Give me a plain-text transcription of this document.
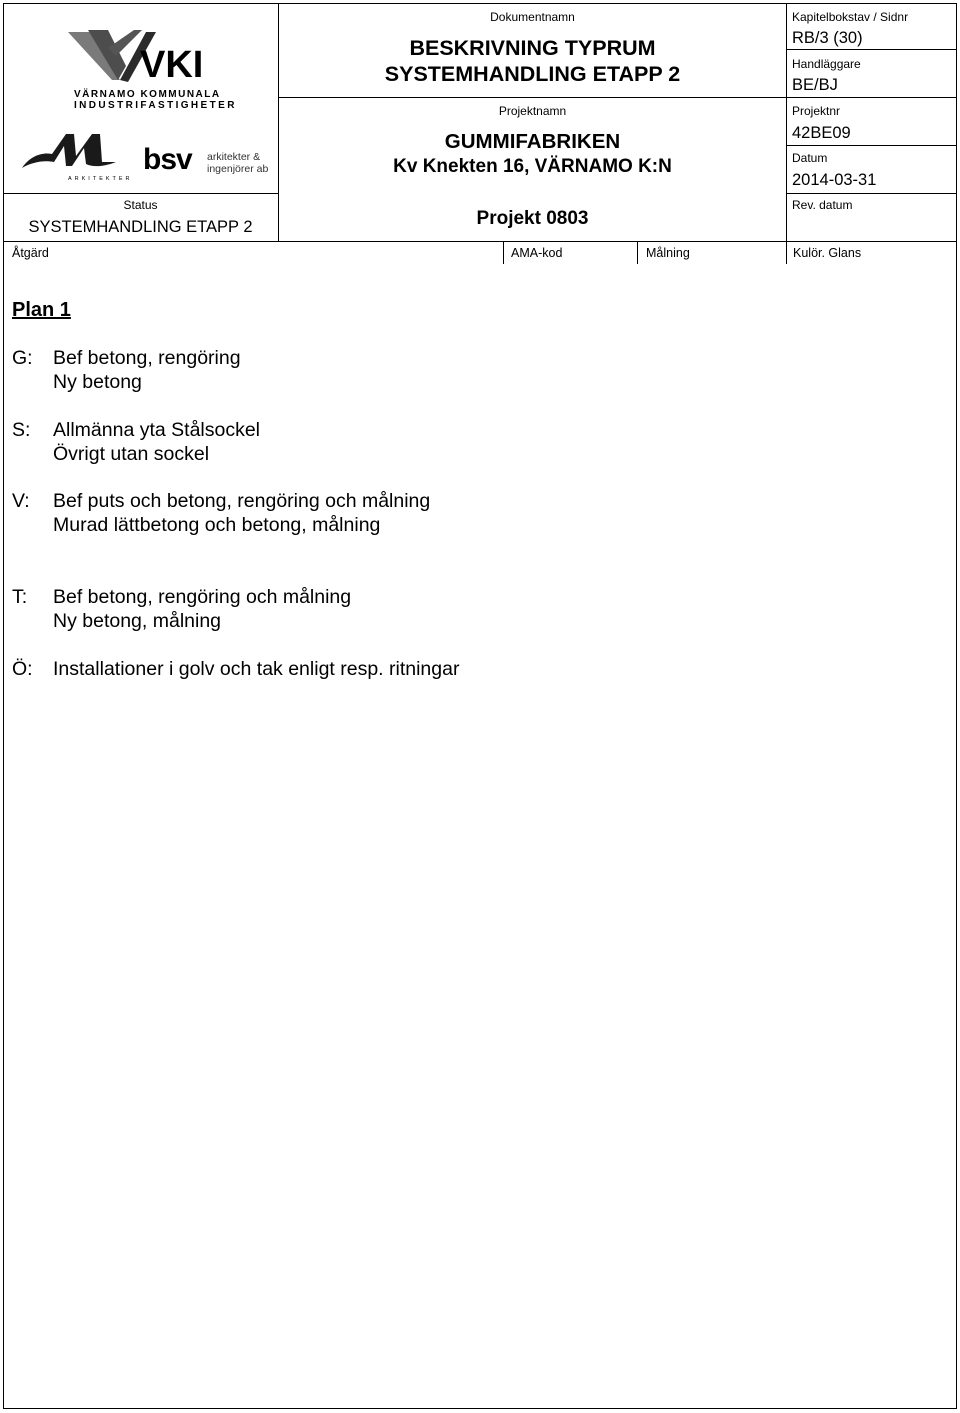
VKI
VÄRNAMO KOMMUNALA
INDUSTRIFASTIGHETER
ARKITEKTER
bsv arkitekter &
ingenjörer ab
Status
SYSTEMHANDLING ETAPP 2
Dokumentnamn
BESKRIVNING TYPRUM
SYSTEMHANDLING ETAPP 2
Projektnamn
GUMMIFABRIKEN
Kv Knekten 16, VÄRNAMO K:N
Projekt 0803
Kapitelbokstav / Sidnr
RB/3 (30)
Handläggare
BE/BJ
Projektnr
42BE09
Datum
2014-03-31
Rev. datum
Åtgärd	AMA-kod	Målning	Kulör. Glans
Plan 1
G: Bef betong, rengöring
Ny betong
S: Allmänna yta Stålsockel
Övrigt utan sockel
V: Bef puts och betong, rengöring och målning
Murad lättbetong och betong, målning
T: Bef betong, rengöring och målning
Ny betong, målning
Ö: Installationer i golv och tak enligt resp. ritningar
